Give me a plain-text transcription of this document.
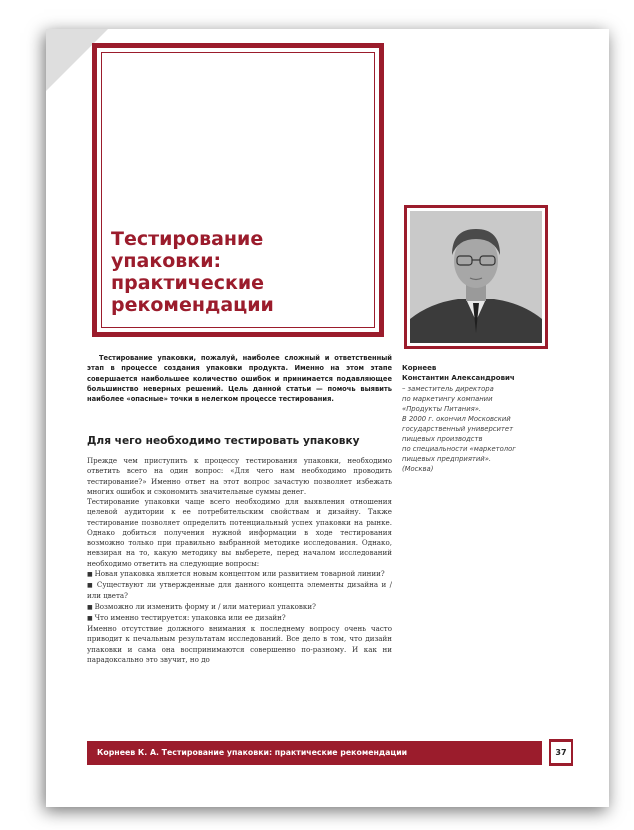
Тестирование упаковки: практические рекомендации

Тестирование упаковки, пожалуй, наиболее сложный и ответственный этап в процессе создания упаковки продукта. Именно на этом этапе совершается наибольшее количество ошибок и принимается подавляющее большинство неверных решений. Цель данной статьи — помочь выявить наиболее «опасные» точки в нелегком процессе тестирования.

Для чего необходимо тестировать упаковку

Прежде чем приступить к процессу тестирования упаковки, необходимо ответить всего на один вопрос: «Для чего нам необходимо проводить тестирование?» Именно ответ на этот вопрос зачастую позволяет избежать многих ошибок и сэкономить значительные суммы денег.

Тестирование упаковки чаще всего необходимо для выявления отношения целевой аудитории к ее потребительским свойствам и дизайну. Также тестирование позволяет определить потенциальный успех упаковки на рынке. Однако добиться получения нужной информации в ходе тестирования возможно только при правильно выбранной методике исследования. Однако, невзирая на то, какую методику вы выберете, перед началом исследований необходимо ответить на следующие вопросы:

■ Новая упаковка является новым концептом или развитием товарной линии?

■ Существуют ли утвержденные для данного концепта элементы дизайна и / или цвета?

■ Возможно ли изменить форму и / или материал упаковки?

■ Что именно тестируется: упаковка или ее дизайн?

Именно отсутствие должного внимания к последнему вопросу очень часто приводит к печальным результатам исследований. Все дело в том, что дизайн упаковки и сама она воспринимаются совершенно по-разному. И как ни парадоксально это звучит, но до

Корнеев
Константин Александрович
– заместитель директора
по маркетингу компании
«Продукты Питания».
В 2000 г. окончил Московский
государственный университет
пищевых производств
по специальности «маркетолог
пищевых предприятий».
(Москва)
Корнеев К. А. Тестирование упаковки: практические рекомендации	37
